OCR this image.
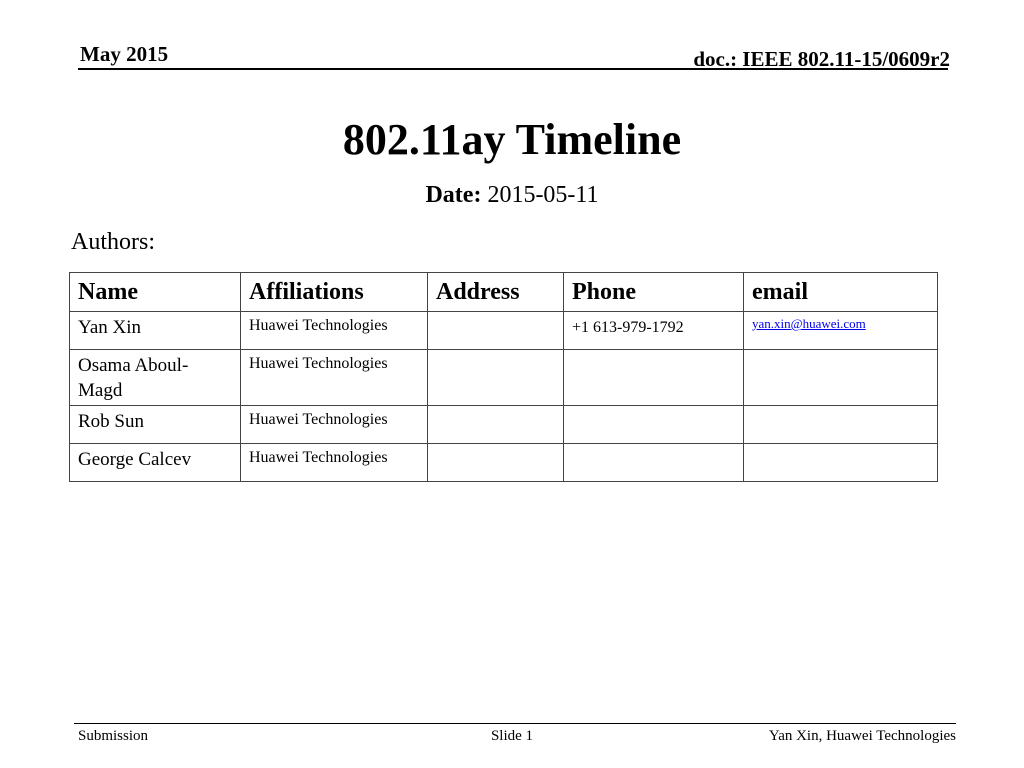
May 2015	doc.: IEEE 802.11-15/0609r2
802.11ay Timeline
Date: 2015-05-11
Authors:
Name	Affiliations	Address	Phone	email
Yan Xin	Huawei Technologies		+1 613-979-1792	yan.xin@huawei.com
Osama Aboul-Magd	Huawei Technologies			
Rob Sun	Huawei Technologies			
George Calcev	Huawei Technologies			
Submission	Slide 1	Yan Xin, Huawei Technologies
